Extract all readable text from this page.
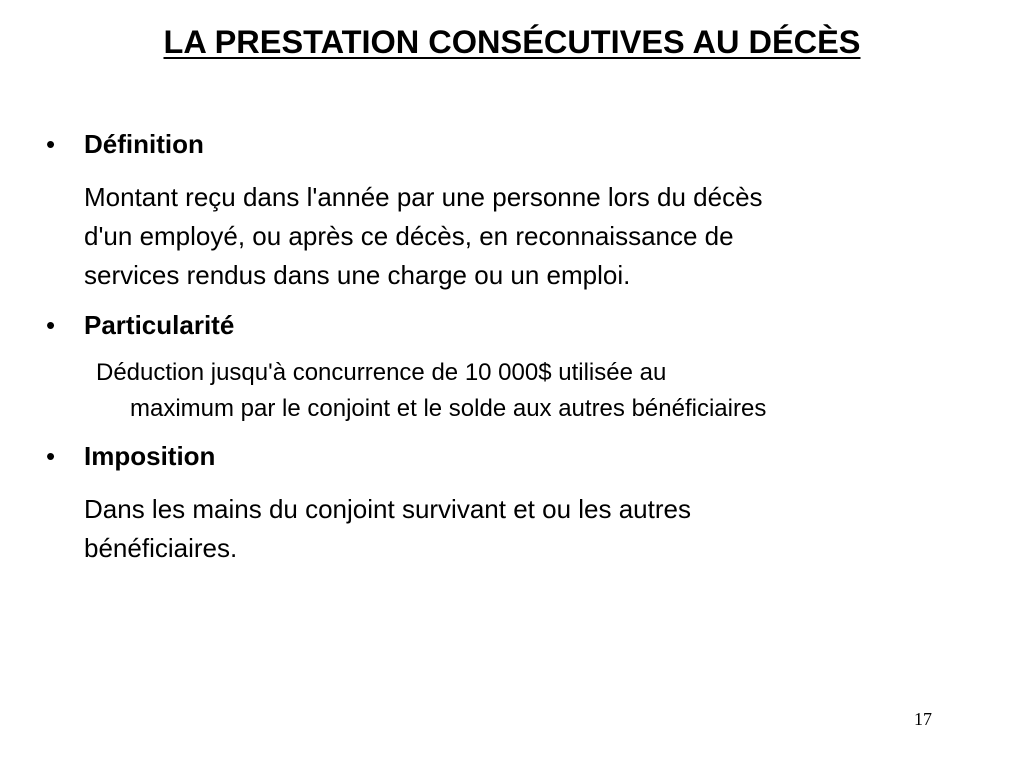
LA PRESTATION CONSÉCUTIVES AU DÉCÈS
• Définition
Montant reçu dans l'année par une personne lors du décès
d'un employé, ou après ce décès, en reconnaissance de
services rendus dans une charge ou un emploi.
• Particularité
Déduction jusqu'à concurrence de 10 000$ utilisée au
maximum par le conjoint et le solde aux autres bénéficiaires
• Imposition
Dans les mains du conjoint survivant et ou les autres
bénéficiaires.
17
